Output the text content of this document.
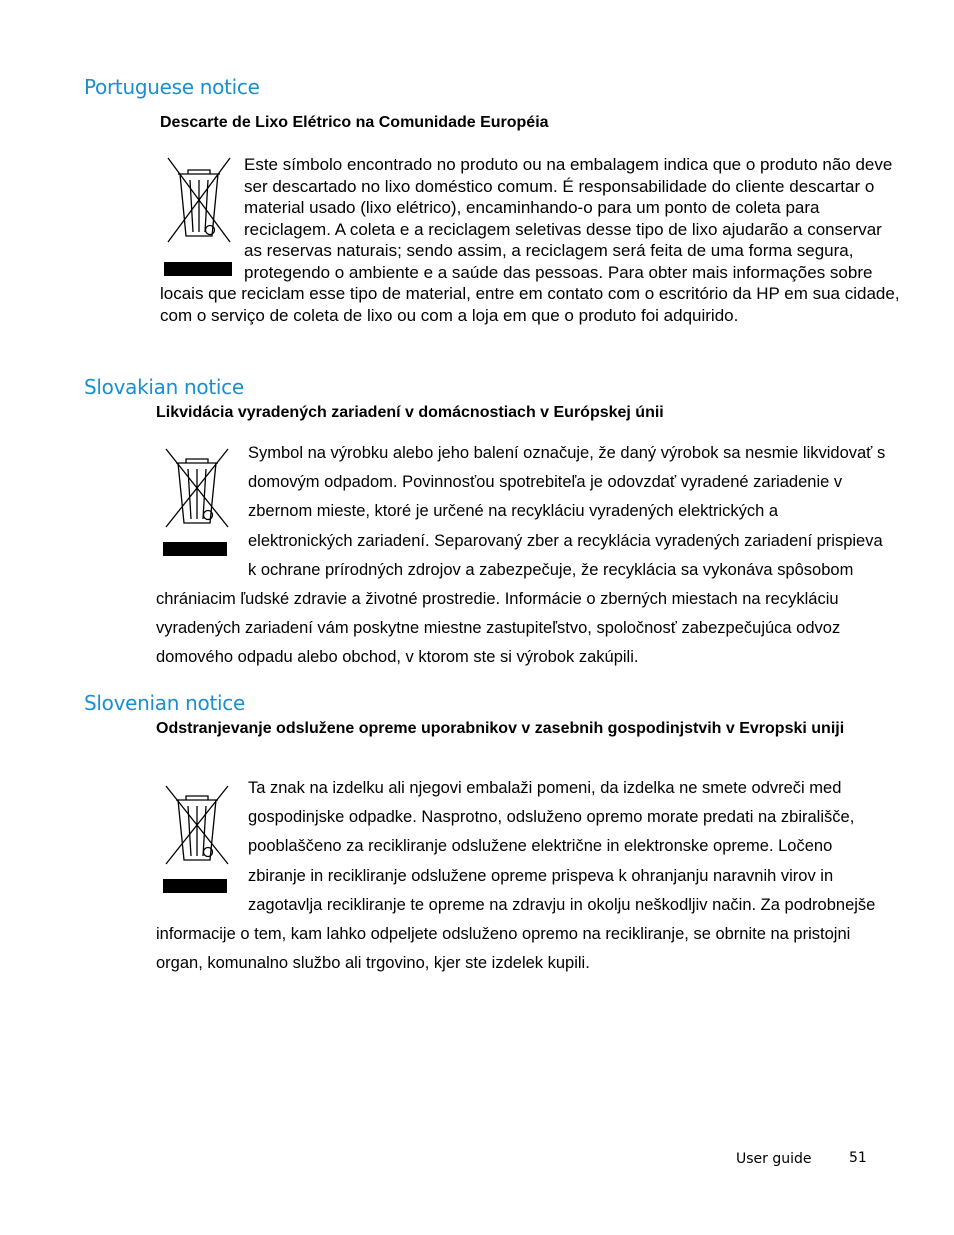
Portuguese notice
Descarte de Lixo Elétrico na Comunidade Européia

Este símbolo encontrado no produto ou na embalagem indica que o produto não deve ser descartado no lixo doméstico comum. É responsabilidade do cliente descartar o material usado (lixo elétrico), encaminhando-o para um ponto de coleta para reciclagem. A coleta e a reciclagem seletivas desse tipo de lixo ajudarão a conservar as reservas naturais; sendo assim, a reciclagem será feita de uma forma segura, protegendo o ambiente e a saúde das pessoas. Para obter mais informações sobre locais que reciclam esse tipo de material, entre em contato com o escritório da HP em sua cidade, com o serviço de coleta de lixo ou com a loja em que o produto foi adquirido.

Slovakian notice
Likvidácia vyradených zariadení v domácnostiach v Európskej únii

Symbol na výrobku alebo jeho balení označuje, že daný výrobok sa nesmie likvidovať s domovým odpadom. Povinnosťou spotrebiteľa je odovzdať vyradené zariadenie v zbernom mieste, ktoré je určené na recykláciu vyradených elektrických a elektronických zariadení. Separovaný zber a recyklácia vyradených zariadení prispieva k ochrane prírodných zdrojov a zabezpečuje, že recyklácia sa vykonáva spôsobom chrániacim ľudské zdravie a životné prostredie. Informácie o zberných miestach na recykláciu vyradených zariadení vám poskytne miestne zastupiteľstvo, spoločnosť zabezpečujúca odvoz domového odpadu alebo obchod, v ktorom ste si výrobok zakúpili.

Slovenian notice
Odstranjevanje odslužene opreme uporabnikov v zasebnih gospodinjstvih v Evropski uniji

Ta znak na izdelku ali njegovi embalaži pomeni, da izdelka ne smete odvreči med gospodinjske odpadke. Nasprotno, odsluženo opremo morate predati na zbirališče, pooblaščeno za recikliranje odslužene električne in elektronske opreme. Ločeno zbiranje in recikliranje odslužene opreme prispeva k ohranjanju naravnih virov in zagotavlja recikliranje te opreme na zdravju in okolju neškodljiv način. Za podrobnejše informacije o tem, kam lahko odpeljete odsluženo opremo na recikliranje, se obrnite na pristojni organ, komunalno službo ali trgovino, kjer ste izdelek kupili.

User guide	51
